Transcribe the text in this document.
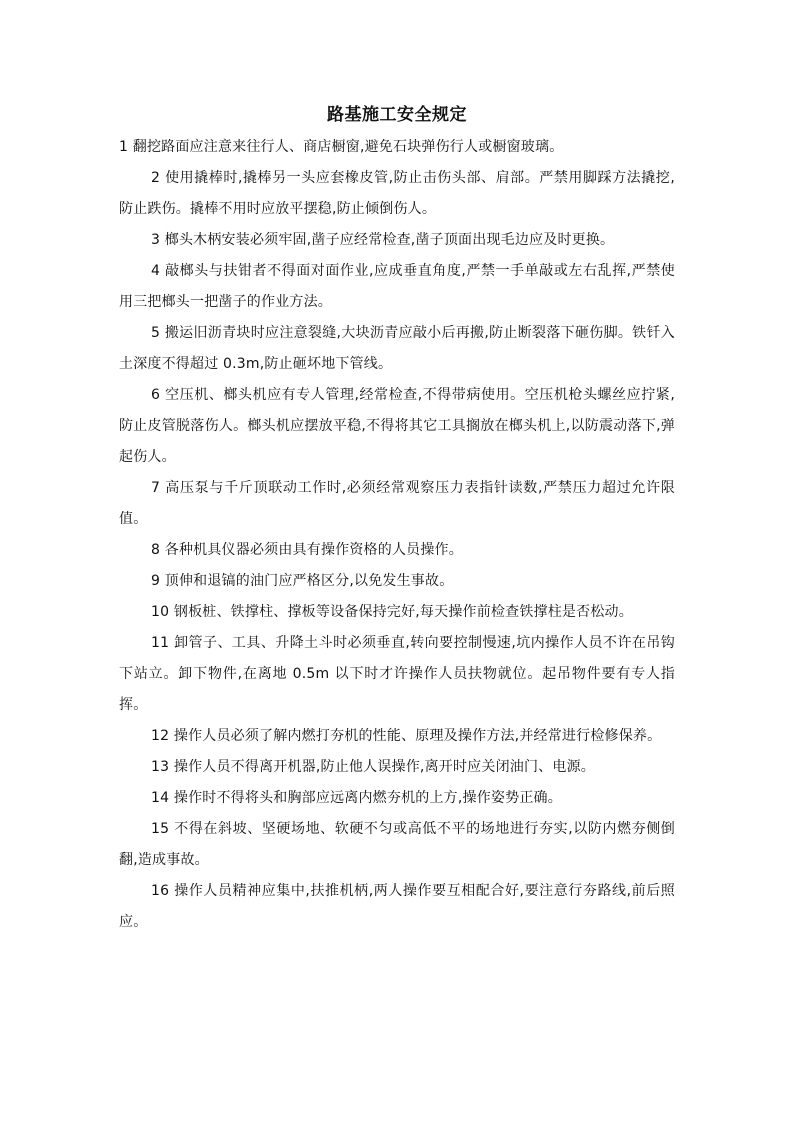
路基施工安全规定

1 翻挖路面应注意来往行人、商店橱窗,避免石块弹伤行人或橱窗玻璃。

2 使用撬棒时,撬棒另一头应套橡皮管,防止击伤头部、肩部。严禁用脚踩方法撬挖,防止跌伤。撬棒不用时应放平摆稳,防止倾倒伤人。

3 榔头木柄安装必须牢固,凿子应经常检查,凿子顶面出现毛边应及时更换。

4 敲榔头与扶钳者不得面对面作业,应成垂直角度,严禁一手单敲或左右乱挥,严禁使用三把榔头一把凿子的作业方法。

5 搬运旧沥青块时应注意裂缝,大块沥青应敲小后再搬,防止断裂落下砸伤脚。铁钎入土深度不得超过 0.3m,防止砸坏地下管线。

6 空压机、榔头机应有专人管理,经常检查,不得带病使用。空压机枪头螺丝应拧紧,防止皮管脱落伤人。榔头机应摆放平稳,不得将其它工具搁放在榔头机上,以防震动落下,弹起伤人。

7 高压泵与千斤顶联动工作时,必须经常观察压力表指针读数,严禁压力超过允许限值。

8 各种机具仪器必须由具有操作资格的人员操作。

9 顶伸和退镐的油门应严格区分,以免发生事故。

10 钢板桩、铁撑柱、撑板等设备保持完好,每天操作前检查铁撑柱是否松动。

11 卸管子、工具、升降土斗时必须垂直,转向要控制慢速,坑内操作人员不许在吊钩下站立。卸下物件,在离地 0.5m 以下时才许操作人员扶物就位。起吊物件要有专人指挥。

12 操作人员必须了解内燃打夯机的性能、原理及操作方法,并经常进行检修保养。

13 操作人员不得离开机器,防止他人误操作,离开时应关闭油门、电源。

14 操作时不得将头和胸部应远离内燃夯机的上方,操作姿势正确。

15 不得在斜坡、坚硬场地、软硬不匀或高低不平的场地进行夯实,以防内燃夯侧倒翻,造成事故。

16 操作人员精神应集中,扶推机柄,两人操作要互相配合好,要注意行夯路线,前后照应。
